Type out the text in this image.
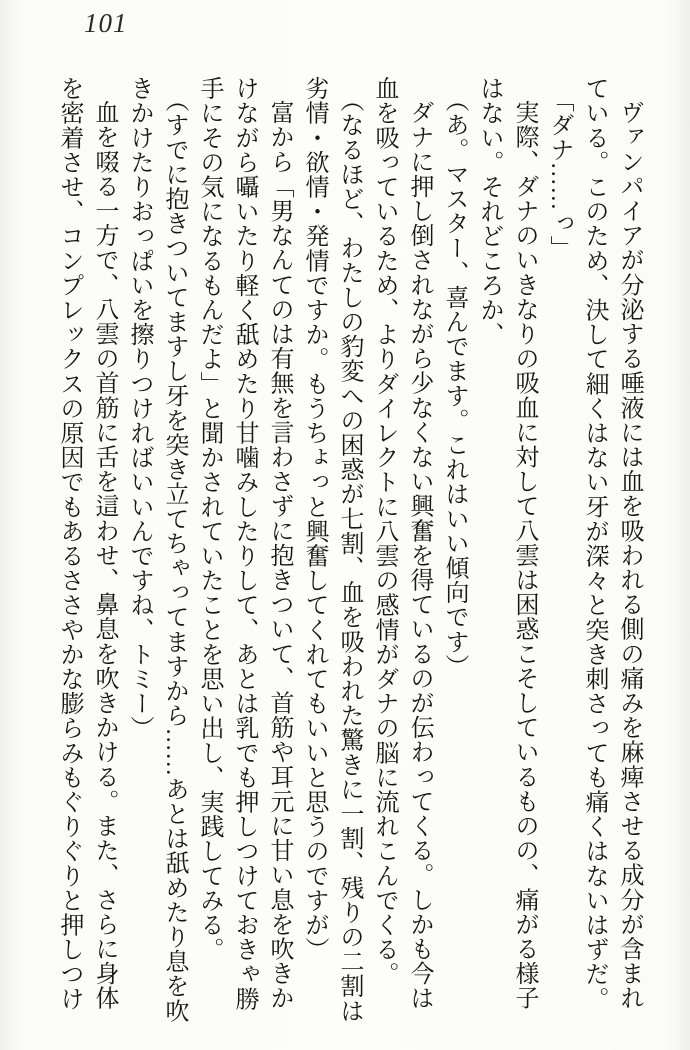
101

ヴァンパイアが分泌する唾液には血を吸われる側の痛みを麻痺させる成分が含まれ

ている。このため、決して細くはない牙が深々と突き刺さっても痛くはないはずだ。

「ダナ……っ」

実際、ダナのいきなりの吸血に対して八雲は困惑こそしているものの、痛がる様子

はない。それどころか、

（あ。マスター、喜んでます。これはいい傾向です）

ダナに押し倒されながら少なくない興奮を得ているのが伝わってくる。しかも今は

血を吸っているため、よりダイレクトに八雲の感情がダナの脳に流れこんでくる。

（なるほど、わたしの豹変への困惑が七割、血を吸われた驚きに一割、残りの二割は

劣情・欲情・発情ですか。もうちょっと興奮してくれてもいいと思うのですが）

富から「男なんてのは有無を言わさずに抱きついて、首筋や耳元に甘い息を吹きか

けながら囁いたり軽く舐めたり甘噛みしたりして、あとは乳でも押しつけておきゃ勝

手にその気になるもんだよ」と聞かされていたことを思い出し、実践してみる。

（すでに抱きついてますし牙を突き立てちゃってますから……あとは舐めたり息を吹

きかけたりおっぱいを擦りつければいいんですね、トミー）

血を啜る一方で、八雲の首筋に舌を這わせ、鼻息を吹きかける。また、さらに身体

を密着させ、コンプレックスの原因でもあるささやかな膨らみもぐりぐりと押しつけ
